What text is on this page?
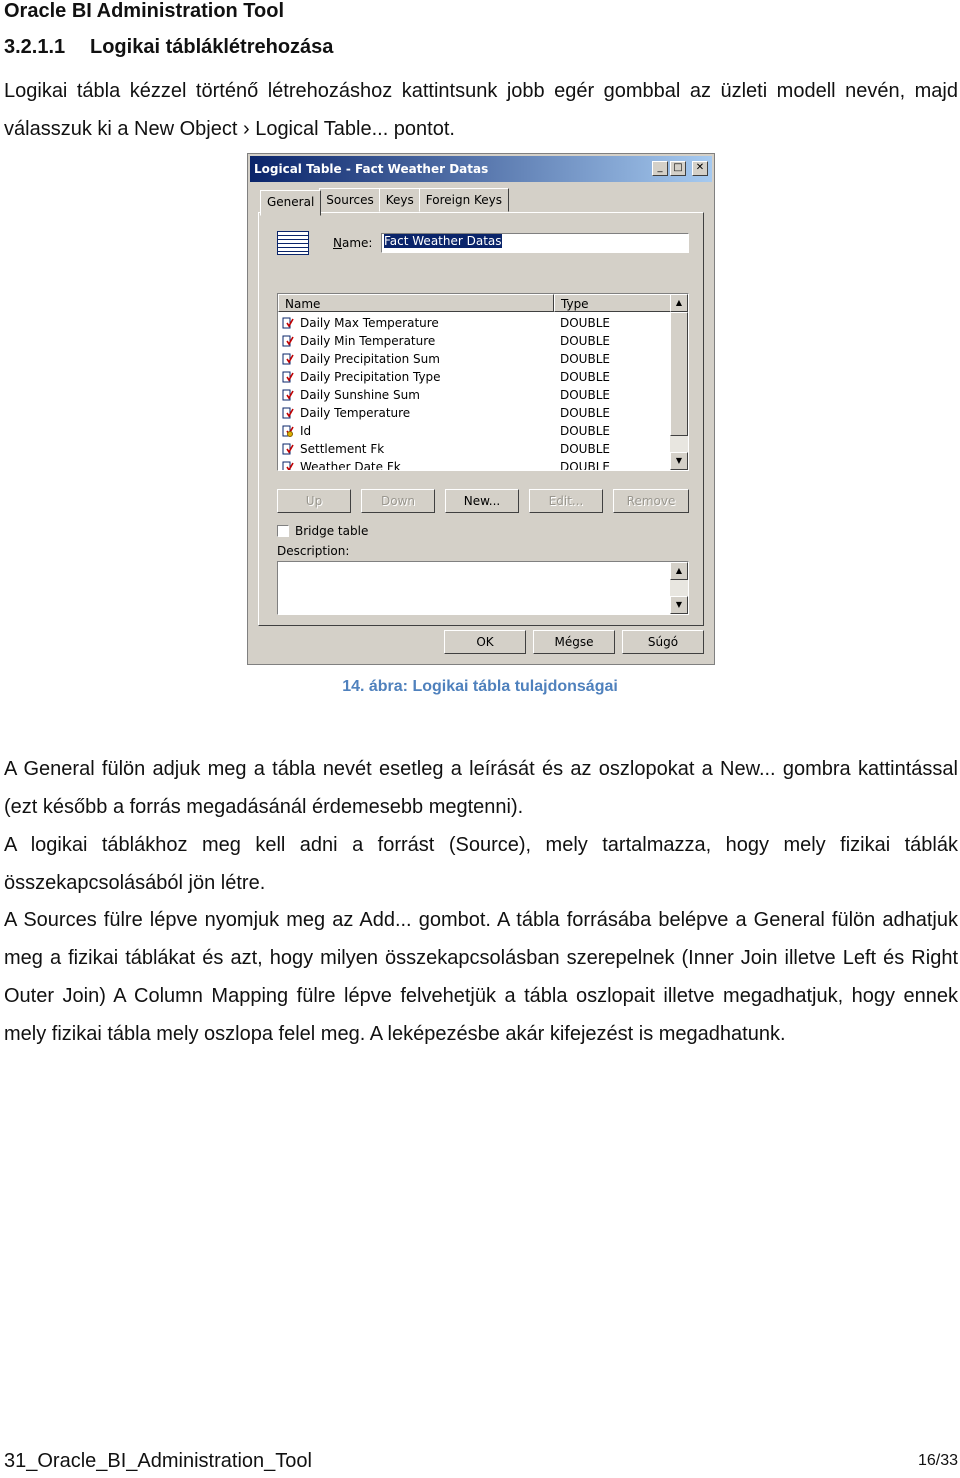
Oracle BI Administration Tool
3.2.1.1 Logikai tábláklétrehozása

Logikai tábla kézzel történő létrehozáshoz kattintsunk jobb egér gombbal az üzleti modell nevén, majd válasszuk ki a New Object › Logical Table... pontot.

Logical Table - Fact Weather Datas	_	□	✕
General Sources Keys Foreign Keys
Name: Fact Weather Datas
Name	Type
Daily Max Temperature	DOUBLE
Daily Min Temperature	DOUBLE
Daily Precipitation Sum	DOUBLE
Daily Precipitation Type	DOUBLE
Daily Sunshine Sum	DOUBLE
Daily Temperature	DOUBLE
Id	DOUBLE
Settlement Fk	DOUBLE
Weather Date Fk	DOUBLE
▲
▼
Up	Down	New...	Edit...	Remove
Bridge table
Description:
▲
▼
OK	Mégse	Súgó
14. ábra: Logikai tábla tulajdonságai

A General fülön adjuk meg a tábla nevét esetleg a leírását és az oszlopokat a New... gombra kattintással (ezt később a forrás megadásánál érdemesebb megtenni).

A logikai táblákhoz meg kell adni a forrást (Source), mely tartalmazza, hogy mely fizikai táblák összekapcsolásából jön létre.

A Sources fülre lépve nyomjuk meg az Add... gombot. A tábla forrásába belépve a General fülön adhatjuk meg a fizikai táblákat és azt, hogy milyen összekapcsolásban szerepelnek (Inner Join illetve Left és Right Outer Join) A Column Mapping fülre lépve felvehetjük a tábla oszlopait illetve megadhatjuk, hogy ennek mely fizikai tábla mely oszlopa felel meg. A leképezésbe akár kifejezést is megadhatunk.

31_Oracle_BI_Administration_Tool	16/33
